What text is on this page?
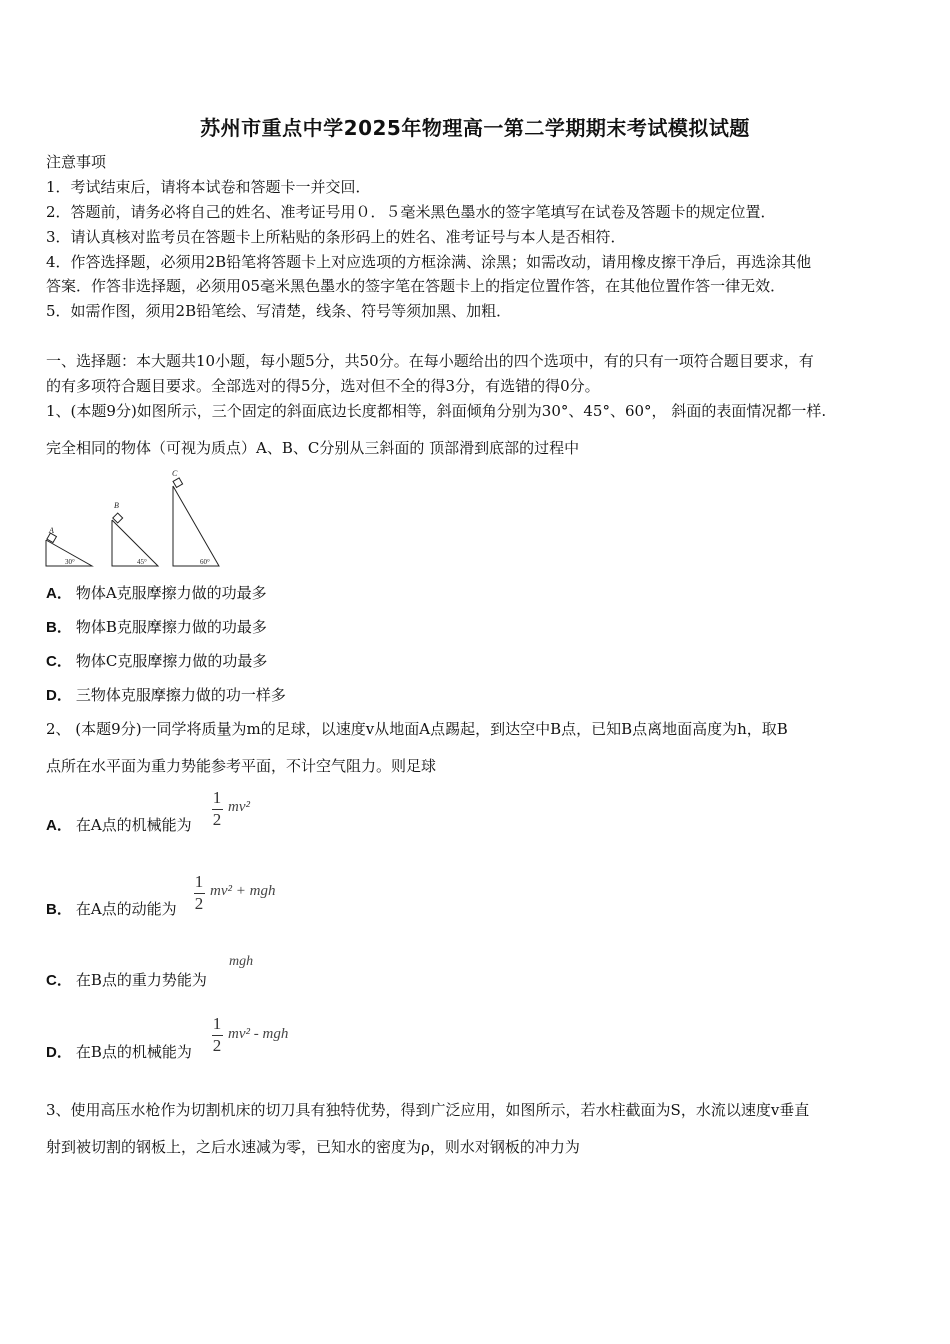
苏州市重点中学2025年物理高一第二学期期末考试模拟试题
注意事项
1．考试结束后，请将本试卷和答题卡一并交回．
2．答题前，请务必将自己的姓名、准考证号用０．５毫米黑色墨水的签字笔填写在试卷及答题卡的规定位置．
3．请认真核对监考员在答题卡上所粘贴的条形码上的姓名、准考证号与本人是否相符．
4．作答选择题，必须用2B铅笔将答题卡上对应选项的方框涂满、涂黑；如需改动，请用橡皮擦干净后，再选涂其他
答案．作答非选择题，必须用05毫米黑色墨水的签字笔在答题卡上的指定位置作答，在其他位置作答一律无效．
5．如需作图，须用2B铅笔绘、写清楚，线条、符号等须加黑、加粗．
一、选择题：本大题共10小题，每小题5分，共50分。在每小题给出的四个选项中，有的只有一项符合题目要求，有
的有多项符合题目要求。全部选对的得5分，选对但不全的得3分，有选错的得0分。
1、(本题9分)如图所示，三个固定的斜面底边长度都相等，斜面倾角分别为30°、45°、60°， 斜面的表面情况都一样.
完全相同的物体（可视为质点）A、B、C分别从三斜面的 顶部滑到底部的过程中
A
B
C
30°	45°	60°
A． 物体A克服摩擦力做的功最多
B． 物体B克服摩擦力做的功最多
C． 物体C克服摩擦力做的功最多
D． 三物体克服摩擦力做的功一样多
2、 (本题9分)一同学将质量为m的足球，以速度v从地面A点踢起，到达空中B点，已知B点离地面高度为h，取B
点所在水平面为重力势能参考平面，不计空气阻力。则足球
A． 在A点的机械能为
1
2
mv²
B． 在A点的动能为
1
2
mv² + mgh
C． 在B点的重力势能为
mgh
D． 在B点的机械能为
1
2
mv² - mgh
3、使用高压水枪作为切割机床的切刀具有独特优势，得到广泛应用，如图所示，若水柱截面为S，水流以速度v垂直
射到被切割的钢板上，之后水速减为零，已知水的密度为ρ，则水对钢板的冲力为
